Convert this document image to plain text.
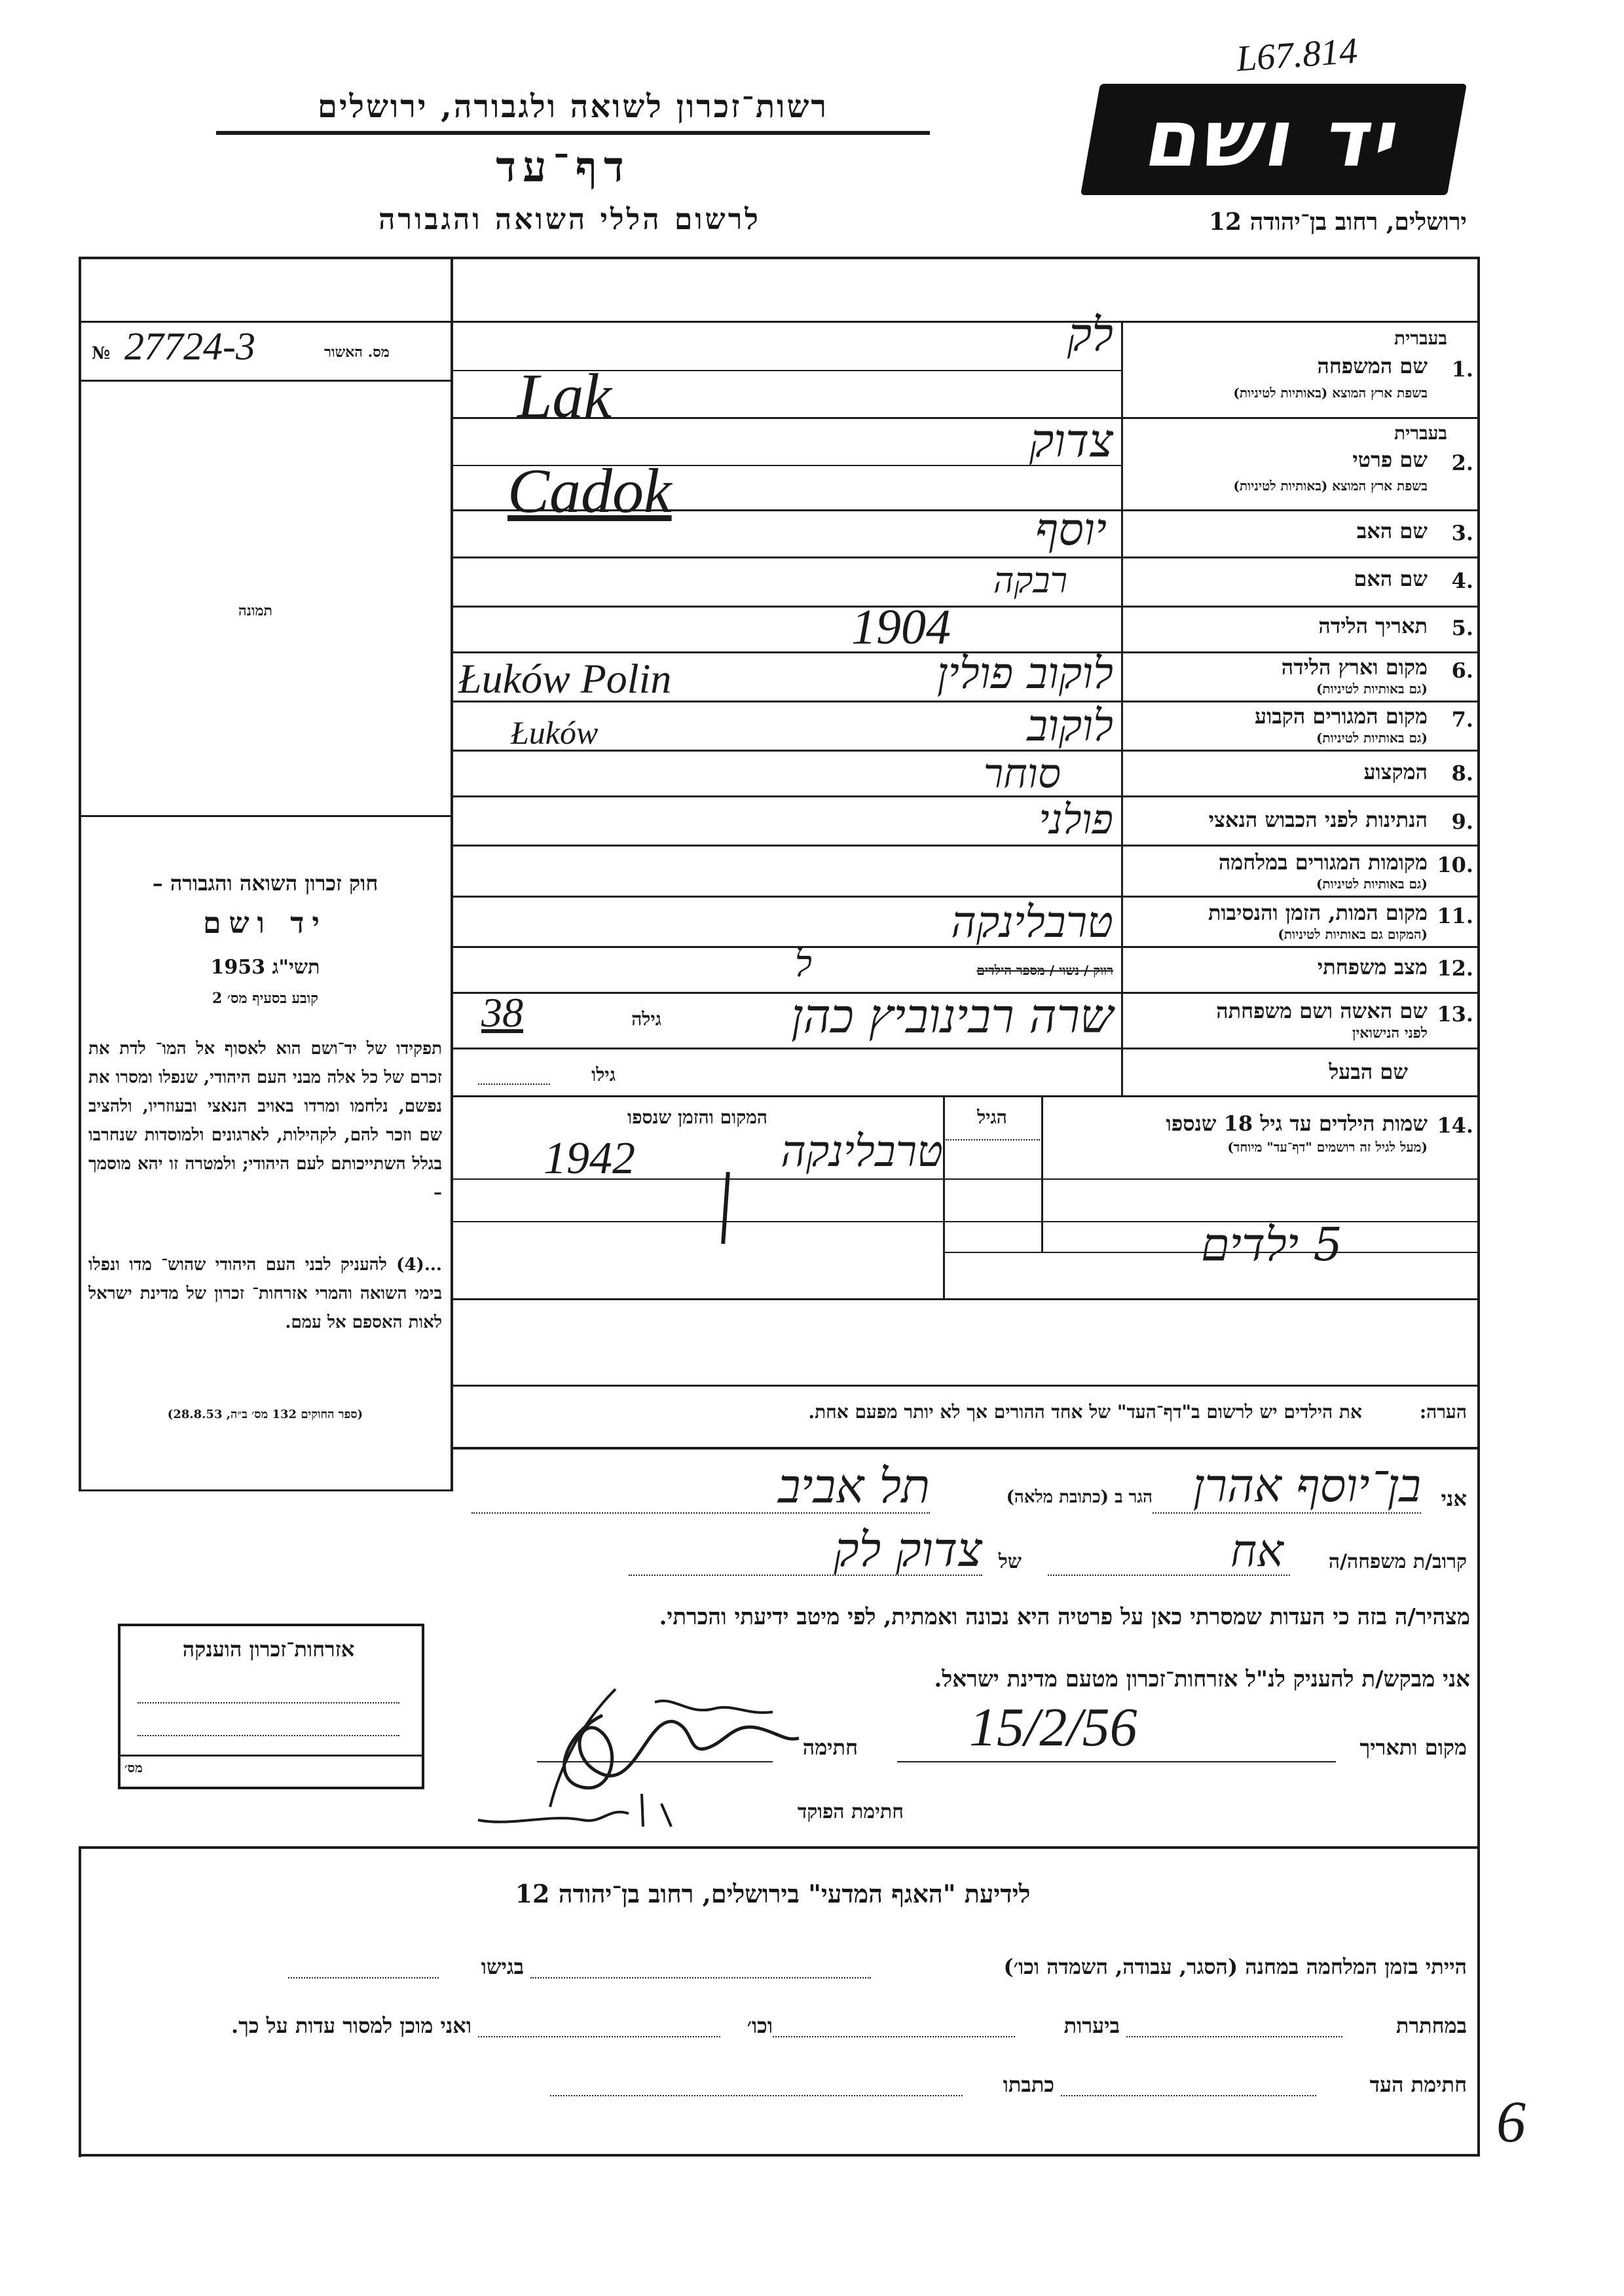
L67.814
יד ושם
רשות־זכרון לשואה ולגבורה, ירושלים
דף־עד
לרשום הללי השואה והגבורה	ירושלים, רחוב בן־יהודה 12
מס. האשור
№ 27724-3
תמונה
חוק זכרון השואה והגבורה –
יד ושם
תשי"ג 1953
קובע בסעיף מס׳ 2
תפקידו של יד־ושם הוא לאסוף אל המו־ לדת את זכרם של כל אלה מבני העם היהודי, שנפלו ומסרו את נפשם, נלחמו ומרדו באויב הנאצי ובעוזריו, ולהציב שם וזכר להם, לקהילות, לארגונים ולמוסדות שנחרבו בגלל השתייכותם לעם היהודי; ולמטרה זו יהא מוסמך –
...(4) להעניק לבני העם היהודי שהוש־ מדו ונפלו בימי השואה והמרי אזרחות־ זכרון של מדינת ישראל לאות האספם אל עמם.
(ספר החוקים 132 מס׳ ב״ה, 28.8.53)
בעברית
1.
שם המשפחה
בשפת ארץ המוצא (באותיות לטיניות)
בעברית
2.
שם פרטי
בשפת ארץ המוצא (באותיות לטיניות)
3.
שם האב
4.
שם האם
5.
תאריך הלידה
6.
מקום וארץ הלידה
(גם באותיות לטיניות)
7.
מקום המגורים הקבוע
(גם באותיות לטיניות)
8.
המקצוע
9.
הנתינות לפני הכבוש הנאצי
10.
מקומות המגורים במלחמה
(גם באותיות לטיניות)
11.
מקום המות, הזמן והנסיבות
(המקום גם באותיות לטיניות)
12.
מצב משפחתי
13.
שם האשה ושם משפחתה
לפני הנישואין
שם הבעל
לק
Lak
צדוק
Cadok
יוסף
רבקה
1904
לוקוב פולין
Łuków Polin
לוקוב
Łuków
סוחר
פולני
טרבלינקה
רווק / נשוי / מספר הילדים
ל
שרה רבינוביץ כהן
גילה
38
גילו
14.
שמות הילדים עד גיל 18 שנספו
(מעל לגיל זה רושמים "דף־עד" מיוחד)
הגיל
המקום והזמן שנספו
טרבלינקה
1942
5 ילדים
הערה:
את הילדים יש לרשום ב"דף־העד" של אחד ההורים אך לא יותר מפעם אחת.
אני
בן־יוסף אהרן
הגר ב (כתובת מלאה)
תל אביב
קרוב/ת משפחה/ה
אח
של
צדוק לק
מצהיר/ה בזה כי העדות שמסרתי כאן על פרטיה היא נכונה ואמתית, לפי מיטב ידיעתי והכרתי.
אני מבקש/ת להעניק לנ"ל אזרחות־זכרון מטעם מדינת ישראל.
מקום ותאריך
15/2/56
חתימה
חתימת הפוקד
אזרחות־זכרון הוענקה
מס׳
לידיעת "האגף המדעי" בירושלים, רחוב בן־יהודה 12
הייתי בזמן המלחמה במחנה (הסגר, עבודה, השמדה וכו׳)
בגישו
במחתרת
ביערות
וכו׳
ואני מוכן למסור עדות על כך.
חתימת העד
כתבתו
6
